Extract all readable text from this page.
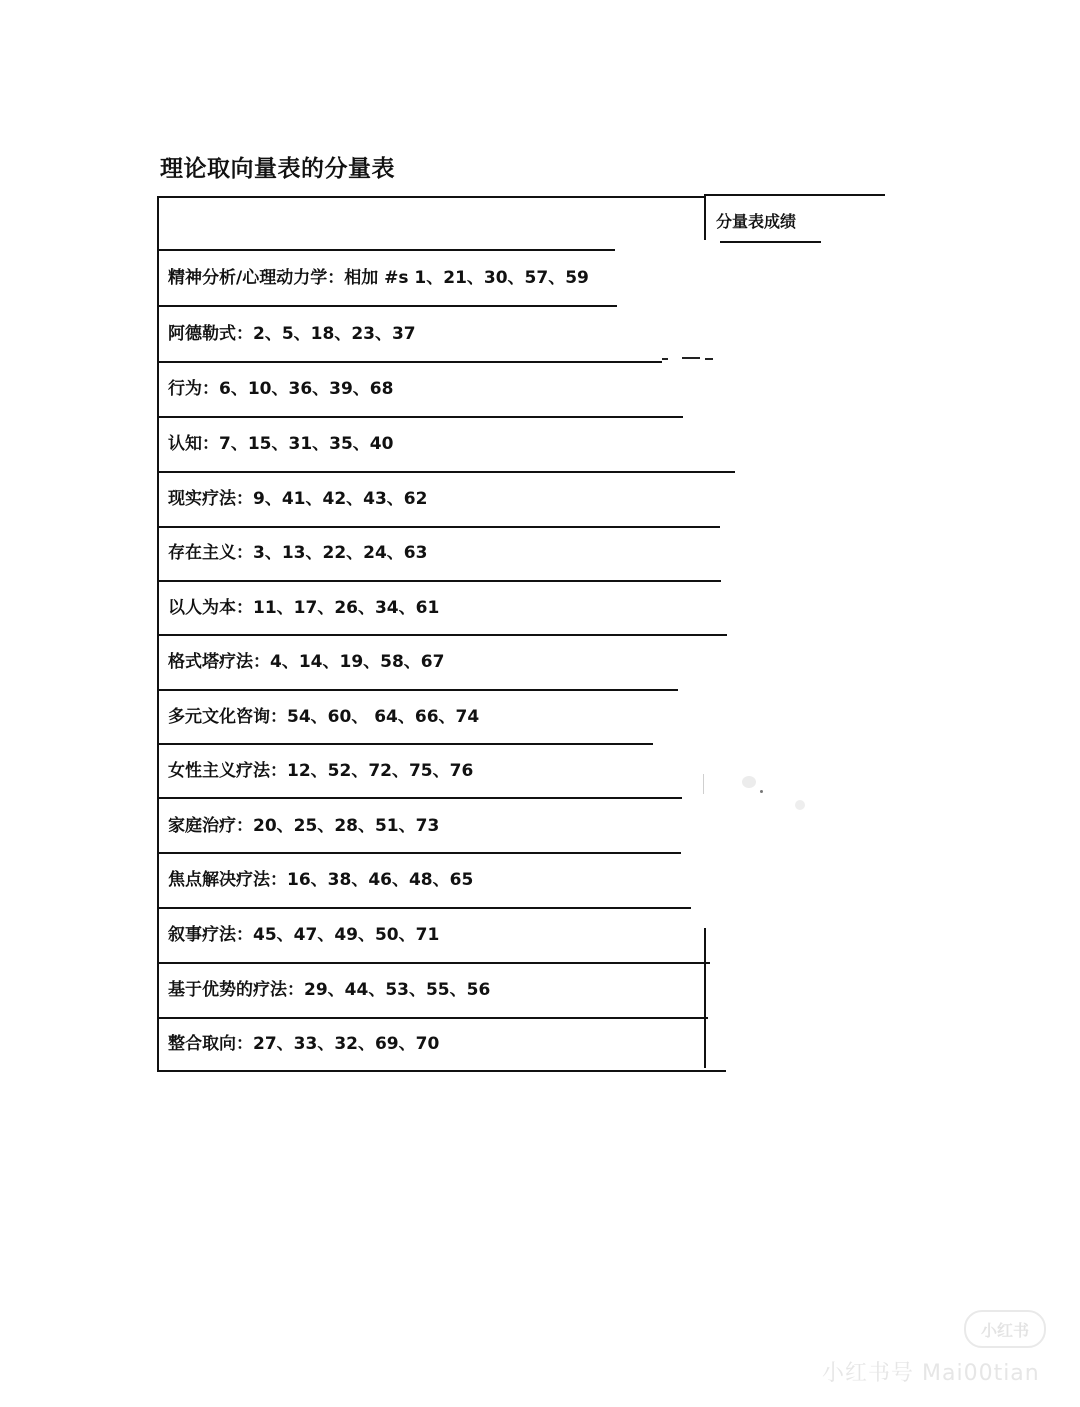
理论取向量表的分量表
分量表成绩
精神分析/心理动力学：相加 #s 1、21、30、57、59
阿德勒式：2、5、18、23、37
行为：6、10、36、39、68
认知：7、15、31、35、40
现实疗法：9、41、42、43、62
存在主义：3、13、22、24、63
以人为本：11、17、26、34、61
格式塔疗法：4、14、19、58、67
多元文化咨询：54、60、 64、66、74
女性主义疗法：12、52、72、75、76
家庭治疗：20、25、28、51、73
焦点解决疗法：16、38、46、48、65
叙事疗法：45、47、49、50、71
基于优势的疗法：29、44、53、55、56
整合取向：27、33、32、69、70
小红书
小红书号 Mai00tian
